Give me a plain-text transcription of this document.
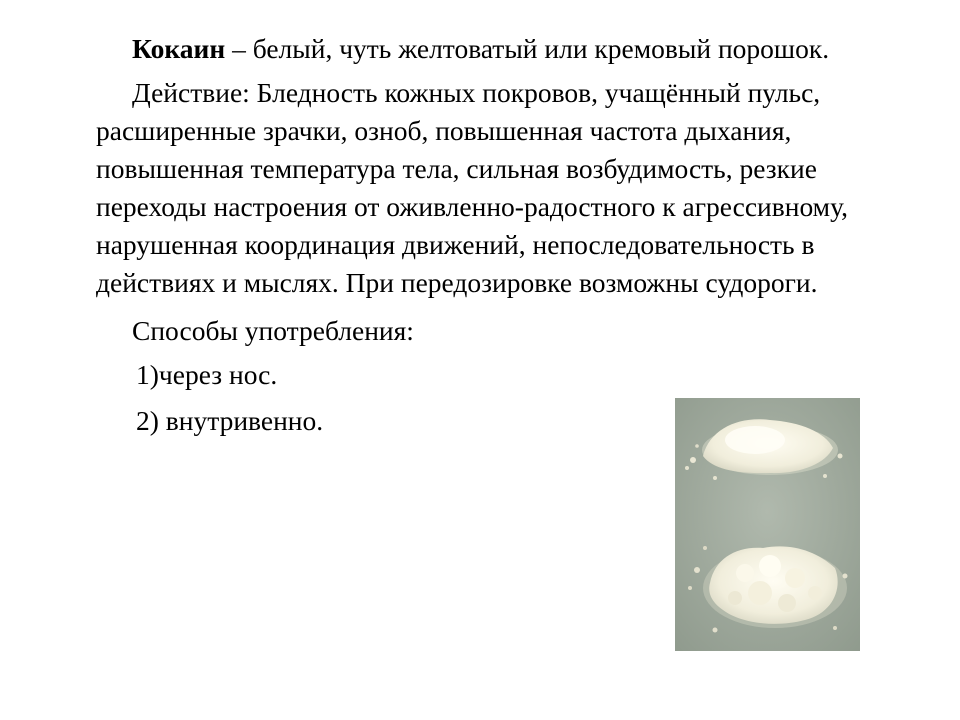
Кокаин – белый, чуть желтоватый или кремовый порошок.

Действие: Бледность кожных покровов, учащённый пульс, расширенные зрачки, озноб, повышенная частота дыхания, повышенная температура тела, сильная возбудимость, резкие переходы настроения от оживленно-радостного к агрессивному, нарушенная координация движений, непоследовательность в действиях и мыслях. При передозировке возможны судороги.

Способы употребления:

1)через нос.

2) внутривенно.
